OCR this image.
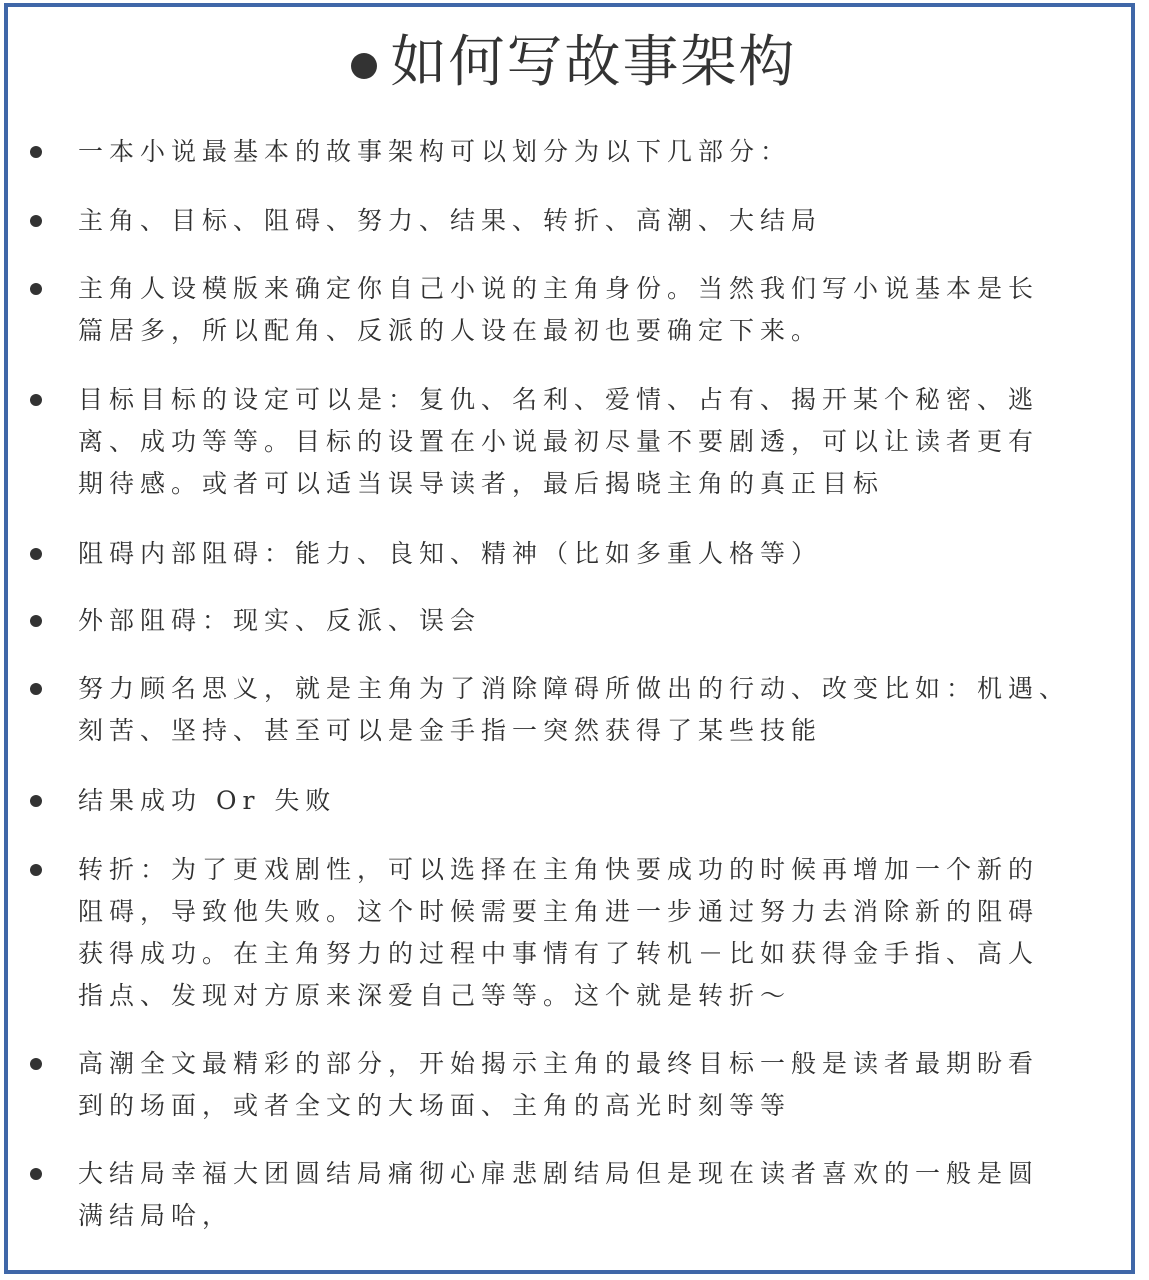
如何写故事架构
一本小说最基本的故事架构可以划分为以下几部分：
主角、目标、阻碍、努力、结果、转折、高潮、大结局
主角人设模版来确定你自己小说的主角身份。当然我们写小说基本是长
篇居多，所以配角、反派的人设在最初也要确定下来。
目标目标的设定可以是：复仇、名利、爱情、占有、揭开某个秘密、逃
离、成功等等。目标的设置在小说最初尽量不要剧透，可以让读者更有
期待感。或者可以适当误导读者，最后揭晓主角的真正目标
阻碍内部阻碍：能力、良知、精神（比如多重人格等）
外部阻碍：现实、反派、误会
努力顾名思义，就是主角为了消除障碍所做出的行动、改变比如：机遇、
刻苦、坚持、甚至可以是金手指一突然获得了某些技能
结果成功 Or 失败
转折：为了更戏剧性，可以选择在主角快要成功的时候再增加一个新的
阻碍，导致他失败。这个时候需要主角进一步通过努力去消除新的阻碍
获得成功。在主角努力的过程中事情有了转机－比如获得金手指、高人
指点、发现对方原来深爱自己等等。这个就是转折～
高潮全文最精彩的部分，开始揭示主角的最终目标一般是读者最期盼看
到的场面，或者全文的大场面、主角的高光时刻等等
大结局幸福大团圆结局痛彻心扉悲剧结局但是现在读者喜欢的一般是圆
满结局哈，
